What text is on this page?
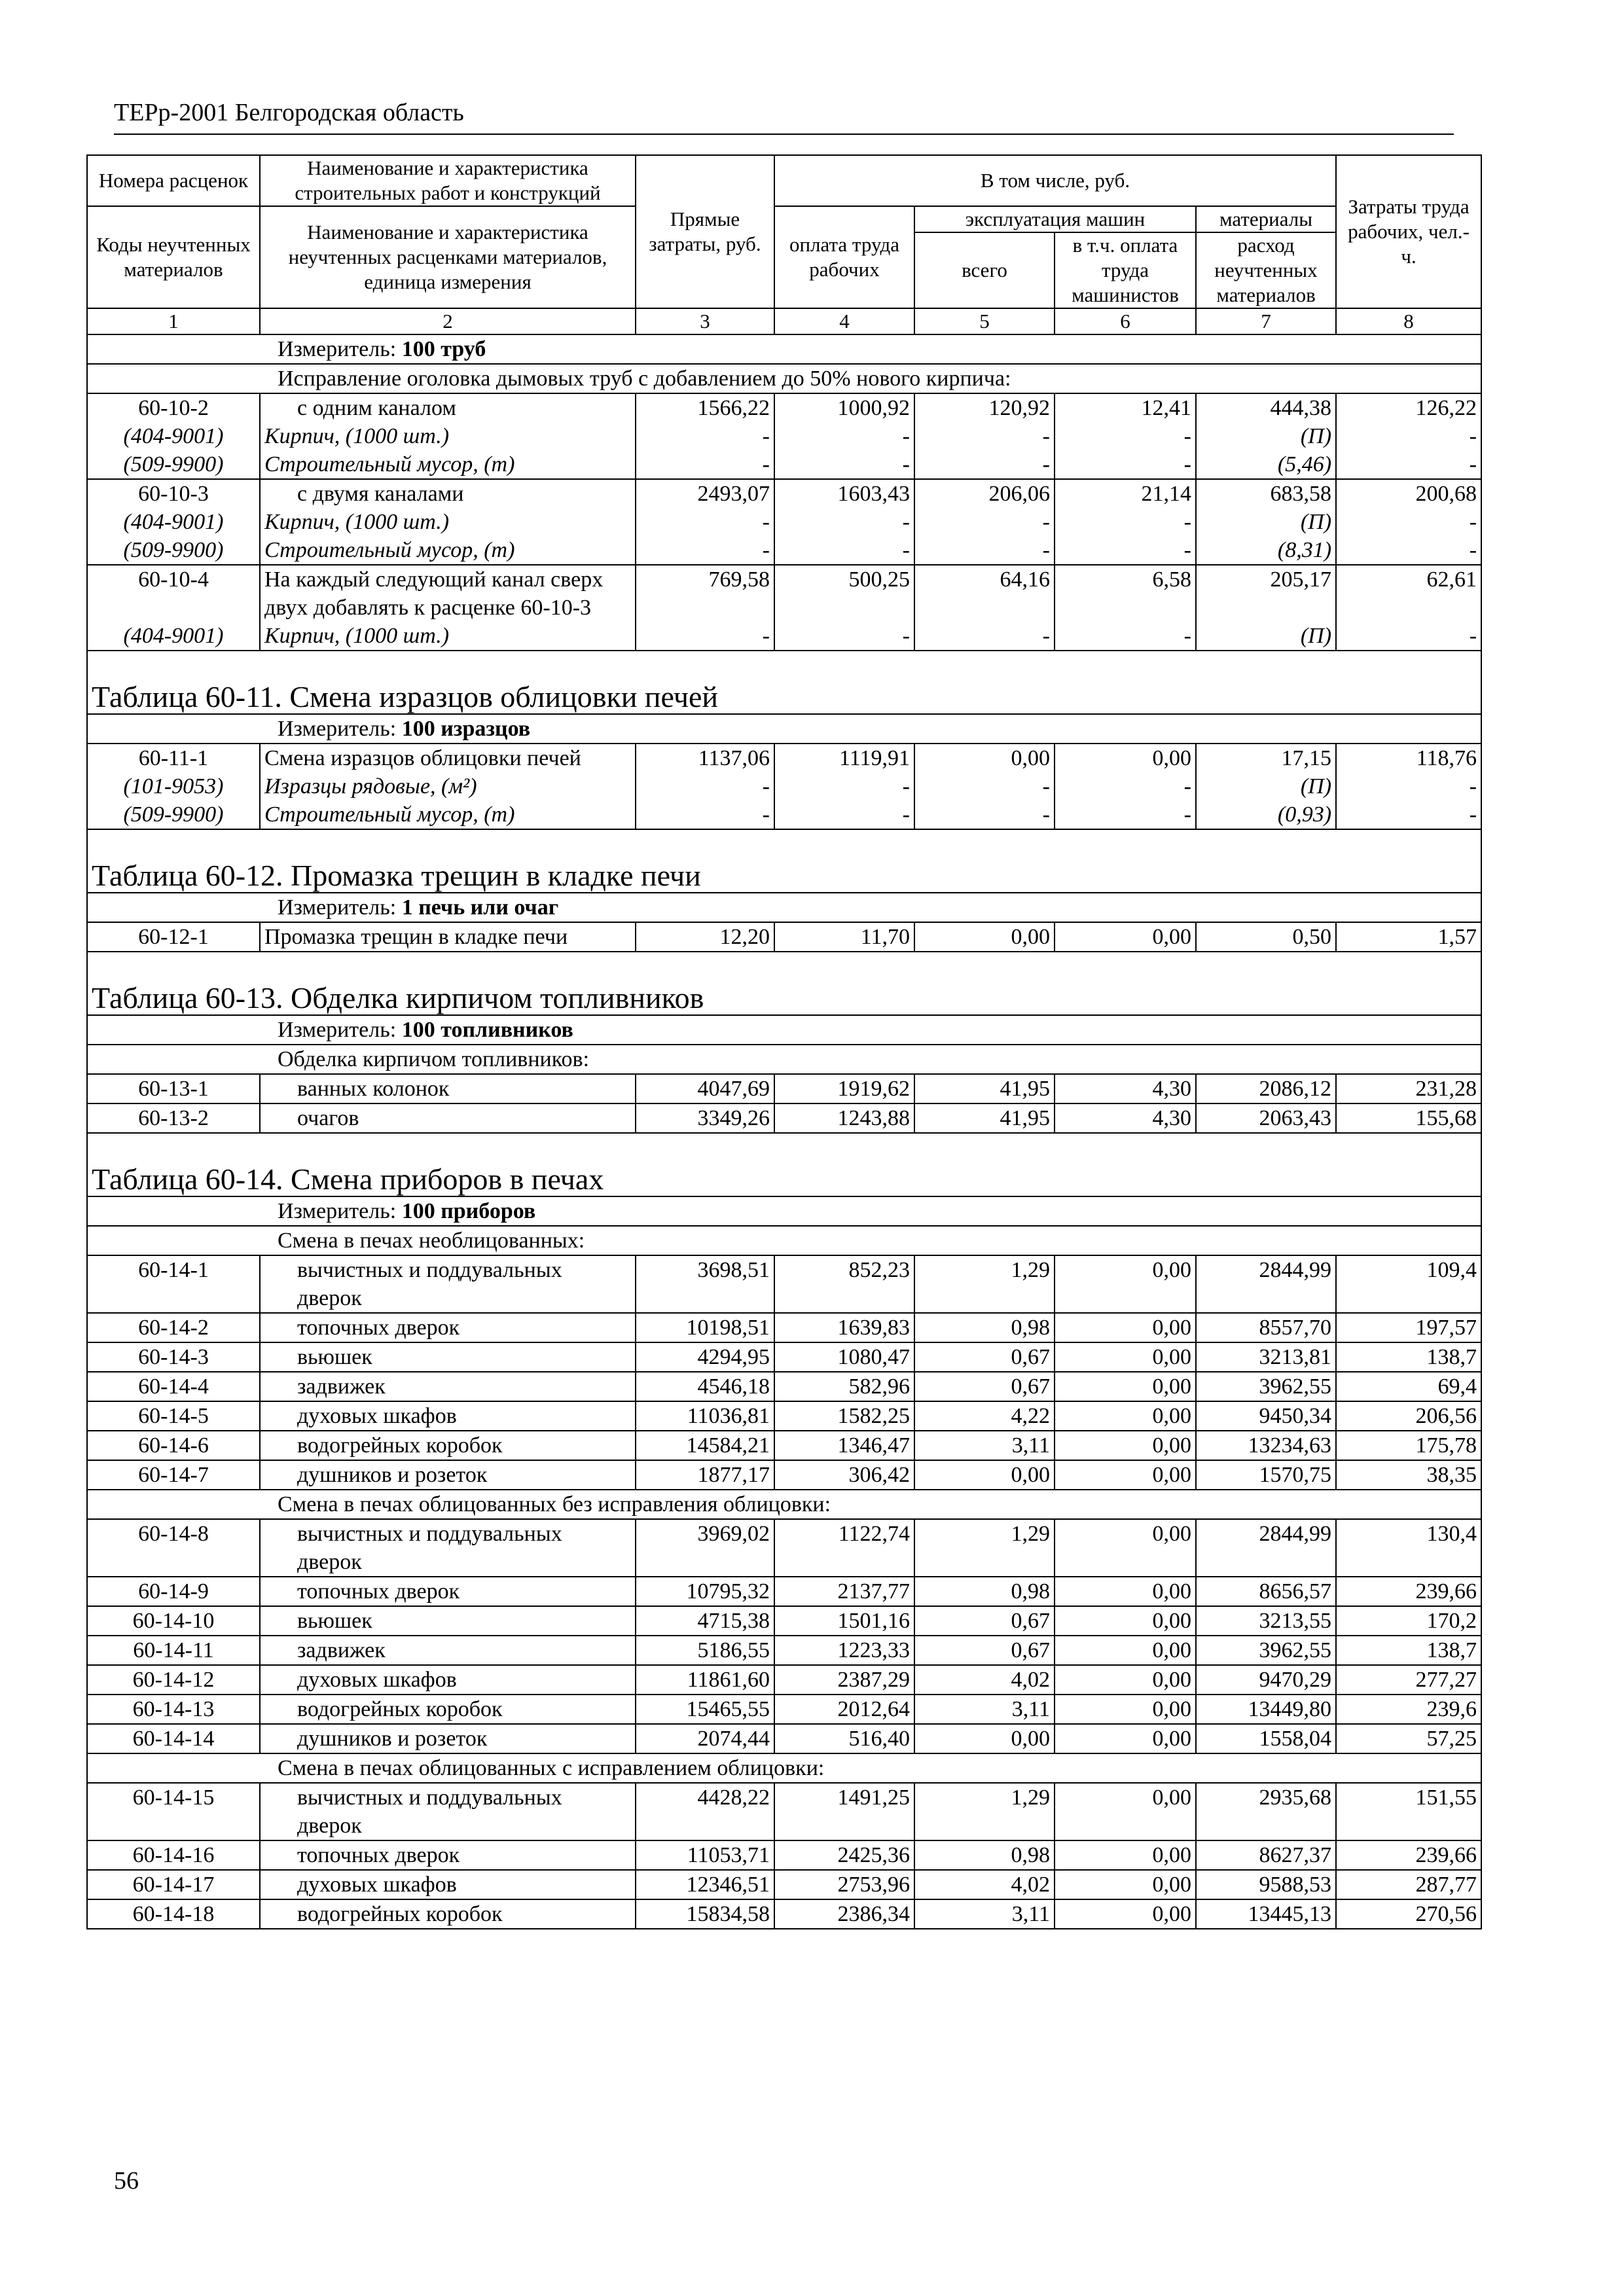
ТЕРр-2001 Белгородская область
Номера расценок	Наименование и характеристика строительных работ и конструкций	Прямые затраты, руб.	В том числе, руб.				Затраты труда рабочих, чел.-ч.
Коды неучтенных материалов	Наименование и характеристика неучтенных расценками материалов, единица измерения		оплата труда рабочих	эксплуатация машин		материалы	
				всего	в т.ч. оплата труда машинистов	расход неучтенных материалов	
1	2	3	4	5	6	7	8
Измеритель: 100 труб							
Исправление оголовка дымовых труб с добавлением до 50% нового кирпича:							
60-10-2	с одним каналом	1566,22	1000,92	120,92	12,41	444,38	126,22
(404-9001)	Кирпич, (1000 шт.)	-	-	-	-	(П)	-
(509-9900)	Строительный мусор, (т)	-	-	-	-	(5,46)	-
60-10-3	с двумя каналами	2493,07	1603,43	206,06	21,14	683,58	200,68
(404-9001)	Кирпич, (1000 шт.)	-	-	-	-	(П)	-
(509-9900)	Строительный мусор, (т)	-	-	-	-	(8,31)	-
60-10-4	На каждый следующий канал сверх двух добавлять к расценке 60-10-3	769,58	500,25	64,16	6,58	205,17	62,61
(404-9001)	Кирпич, (1000 шт.)	-	-	-	-	(П)	-
Таблица 60-11. Смена изразцов облицовки печей							
Измеритель: 100 изразцов							
60-11-1	Смена изразцов облицовки печей	1137,06	1119,91	0,00	0,00	17,15	118,76
(101-9053)	Изразцы рядовые, (м²)	-	-	-	-	(П)	-
(509-9900)	Строительный мусор, (т)	-	-	-	-	(0,93)	-
Таблица 60-12. Промазка трещин в кладке печи							
Измеритель: 1 печь или очаг							
60-12-1	Промазка трещин в кладке печи	12,20	11,70	0,00	0,00	0,50	1,57
Таблица 60-13. Обделка кирпичом топливников							
Измеритель: 100 топливников							
Обделка кирпичом топливников:							
60-13-1	ванных колонок	4047,69	1919,62	41,95	4,30	2086,12	231,28
60-13-2	очагов	3349,26	1243,88	41,95	4,30	2063,43	155,68
Таблица 60-14. Смена приборов в печах							
Измеритель: 100 приборов							
Смена в печах необлицованных:							
60-14-1	вычистных и поддувальных дверок	3698,51	852,23	1,29	0,00	2844,99	109,4
60-14-2	топочных дверок	10198,51	1639,83	0,98	0,00	8557,70	197,57
60-14-3	вьюшек	4294,95	1080,47	0,67	0,00	3213,81	138,7
60-14-4	задвижек	4546,18	582,96	0,67	0,00	3962,55	69,4
60-14-5	духовых шкафов	11036,81	1582,25	4,22	0,00	9450,34	206,56
60-14-6	водогрейных коробок	14584,21	1346,47	3,11	0,00	13234,63	175,78
60-14-7	душников и розеток	1877,17	306,42	0,00	0,00	1570,75	38,35
Смена в печах облицованных без исправления облицовки:							
60-14-8	вычистных и поддувальных дверок	3969,02	1122,74	1,29	0,00	2844,99	130,4
60-14-9	топочных дверок	10795,32	2137,77	0,98	0,00	8656,57	239,66
60-14-10	вьюшек	4715,38	1501,16	0,67	0,00	3213,55	170,2
60-14-11	задвижек	5186,55	1223,33	0,67	0,00	3962,55	138,7
60-14-12	духовых шкафов	11861,60	2387,29	4,02	0,00	9470,29	277,27
60-14-13	водогрейных коробок	15465,55	2012,64	3,11	0,00	13449,80	239,6
60-14-14	душников и розеток	2074,44	516,40	0,00	0,00	1558,04	57,25
Смена в печах облицованных с исправлением облицовки:							
60-14-15	вычистных и поддувальных дверок	4428,22	1491,25	1,29	0,00	2935,68	151,55
60-14-16	топочных дверок	11053,71	2425,36	0,98	0,00	8627,37	239,66
60-14-17	духовых шкафов	12346,51	2753,96	4,02	0,00	9588,53	287,77
60-14-18	водогрейных коробок	15834,58	2386,34	3,11	0,00	13445,13	270,56
56
